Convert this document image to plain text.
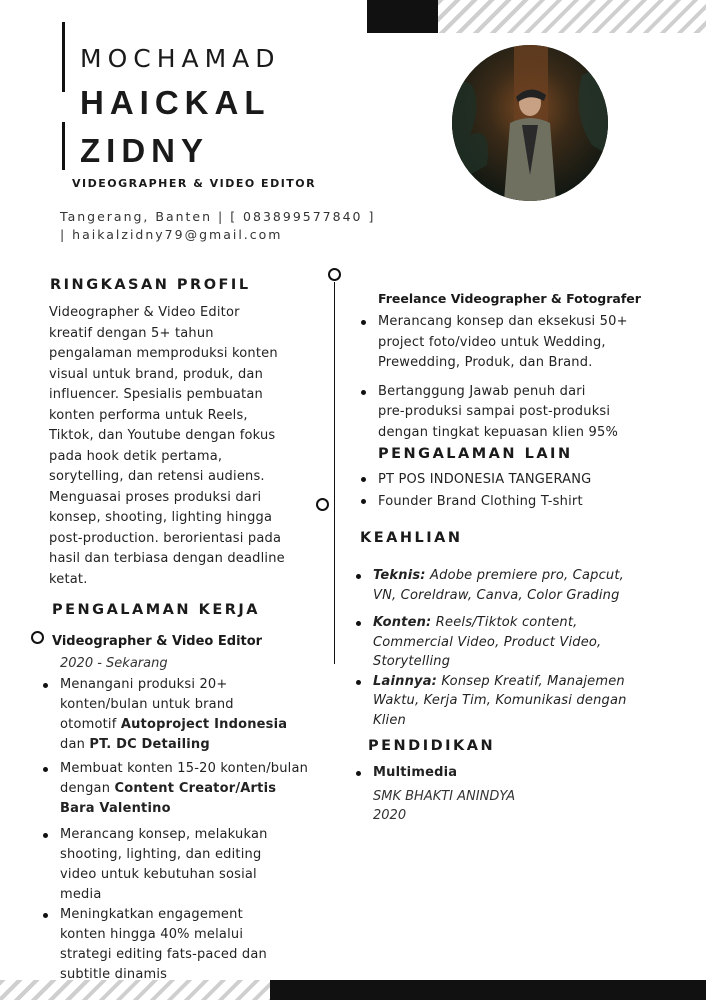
MOCHAMAD
HAICKAL
ZIDNY
VIDEOGRAPHER & VIDEO EDITOR
Tangerang, Banten | [ 083899577840 ]
| haikalzidny79@gmail.com
RINGKASAN PROFIL
Videographer & Video Editor
kreatif dengan 5+ tahun
pengalaman memproduksi konten
visual untuk brand, produk, dan
influencer. Spesialis pembuatan
konten performa untuk Reels,
Tiktok, dan Youtube dengan fokus
pada hook detik pertama,
sorytelling, dan retensi audiens.
Menguasai proses produksi dari
konsep, shooting, lighting hingga
post-production. berorientasi pada
hasil dan terbiasa dengan deadline
ketat.
PENGALAMAN KERJA
Videographer & Video Editor
2020 - Sekarang
Menangani produksi 20+
konten/bulan untuk brand
otomotif Autoproject Indonesia
dan PT. DC Detailing
Membuat konten 15-20 konten/bulan
dengan Content Creator/Artis
Bara Valentino
Merancang konsep, melakukan
shooting, lighting, dan editing
video untuk kebutuhan sosial
media
Meningkatkan engagement
konten hingga 40% melalui
strategi editing fats-paced dan
subtitle dinamis
Freelance Videographer & Fotografer
Merancang konsep dan eksekusi 50+
project foto/video untuk Wedding,
Prewedding, Produk, dan Brand.
Bertanggung Jawab penuh dari
pre-produksi sampai post-produksi
dengan tingkat kepuasan klien 95%
PENGALAMAN LAIN
PT POS INDONESIA TANGERANG
Founder Brand Clothing T-shirt
KEAHLIAN
Teknis: Adobe premiere pro, Capcut,
VN, Coreldraw, Canva, Color Grading
Konten: Reels/Tiktok content,
Commercial Video, Product Video,
Storytelling
Lainnya: Konsep Kreatif, Manajemen
Waktu, Kerja Tim, Komunikasi dengan
Klien
PENDIDIKAN
Multimedia
SMK BHAKTI ANINDYA
2020
